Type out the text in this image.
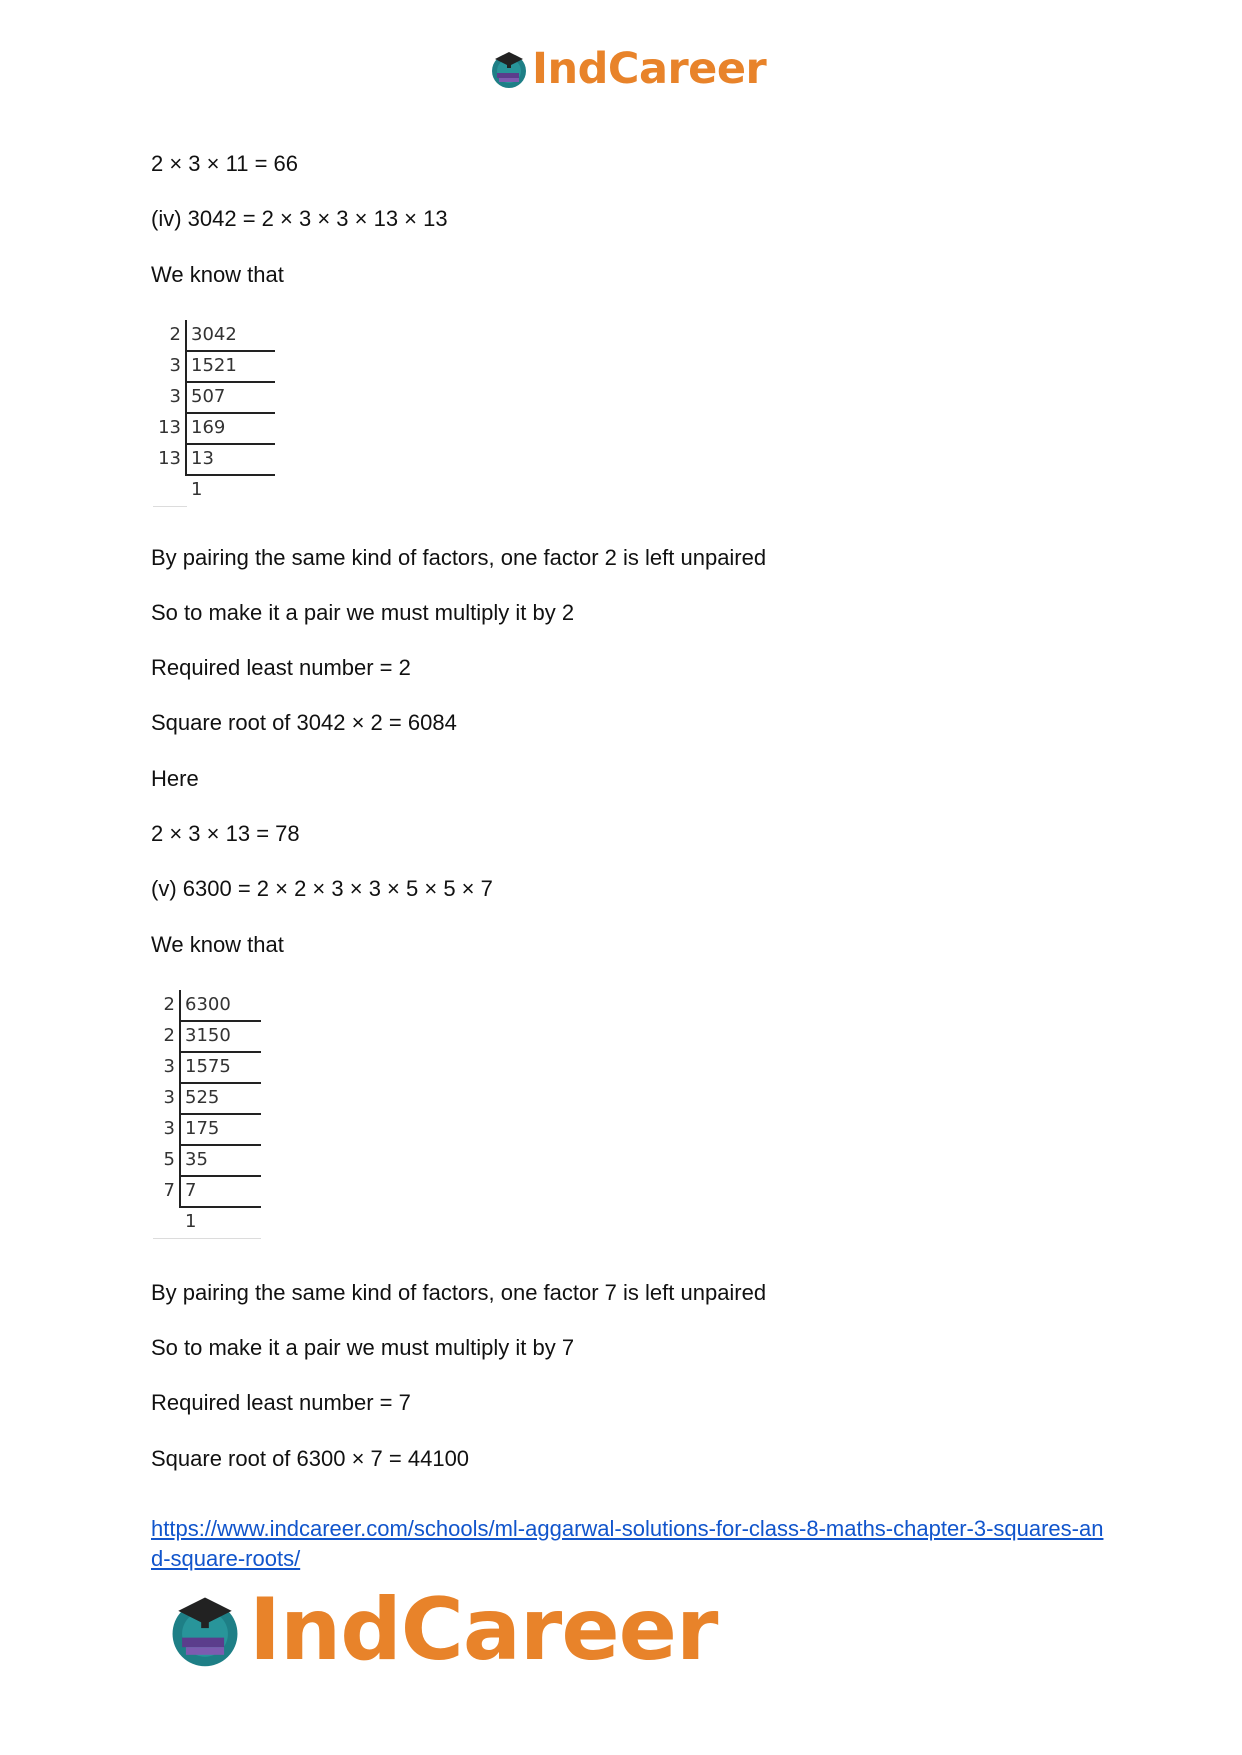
IndCareer
2 × 3 × 11 = 66
(iv) 3042 = 2 × 3 × 3 × 13 × 13
We know that
2 3042
3 1521
3 507
13 169
13 13
1
By pairing the same kind of factors, one factor 2 is left unpaired
So to make it a pair we must multiply it by 2
Required least number = 2
Square root of 3042 × 2 = 6084
Here
2 × 3 × 13 = 78
(v) 6300 = 2 × 2 × 3 × 3 × 5 × 5 × 7
We know that
2 6300
2 3150
3 1575
3 525
3 175
5 35
7 7
1
By pairing the same kind of factors, one factor 7 is left unpaired
So to make it a pair we must multiply it by 7
Required least number = 7
Square root of 6300 × 7 = 44100
https://www.indcareer.com/schools/ml-aggarwal-solutions-for-class-8-maths-chapter-3-squares-and-square-roots/
IndCareer
